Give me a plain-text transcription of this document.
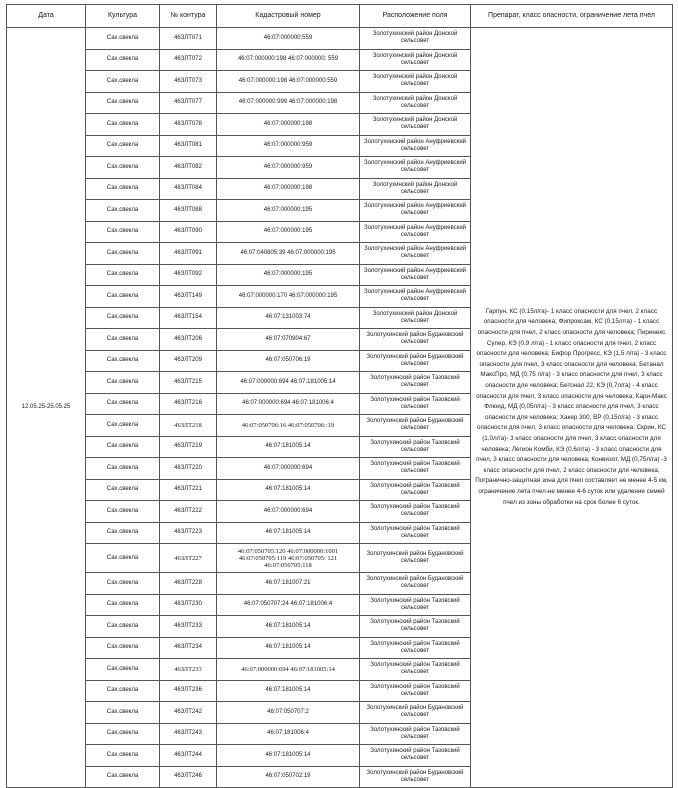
Дата	Культура	№ контура	Кадастровый номер	Расположение поля	Препарат, класс опасности, ограничение лета пчел
12.05.25-25.05.25	Сах.свекла	46ЗЛТ071	46:07:000000:559	Золотухинский район Донской сельсовет	Гарпун, КС (0,15л/га)- 1 класс опасности для пчел, 2 класс опасности для человека; Фипроксам, КС (0,15л/га) - 1 класс опасности для пчел, 2 класс опасности для человека; Пиринекс Супер, КЭ (0,9 л/га) - 1 класс опасности для пчел, 2 класс опасности для человека; Бифор Прогресс, КЭ (1,5 л/га) - 3 класс опасности для пчел, 3 класс опасности для человека; Бетанал МаксПро, МД (0,75 л/га) - 3 класс опасности для пчел, 3 класс опасности для человека; Бетонал 22, КЭ (0,7л/га) - 4 класс опасности для пчел, 3 класс опасности для человека; Кари-Макс Флюид, МД (0,05л/га) - 3 класс опасности для пчел, 3 класс опасности для человека; Хакер 300, ВР (0,15л/га) - 3 класс опасности для пчел, 3 класс опасности для человека; Скрин, КС (1,0л/га)- 3 класс опасности для пчел, 3 класс опасности для человека; Легион Комби, КЭ (0,6л/га) - 3 класс опасности для пчел, 3 класс опасности для человека; Конвизот, МД (0,75л/га) -3 класс опасности для пчел, 2 класс опасности для человека; Погранично-защитная зона для пчел составляет не менее 4-5 км, ограничение лета пчел-не менее 4-6 суток или удаление семей пчел из зоны обработки на срок более 6 суток.
	Сах.свекла	46ЗЛТ072	46:07:000000:198 46:07:000000: 559	Золотухинский район Донской сельсовет	
	Сах.свекла	46ЗЛТ073	46:07:000000:198 46:07:000000:559	Золотухинский район Донской сельсовет	
	Сах.свекла	46ЗЛТ077	46:07:000000:999 46:07:000000:198	Золотухинский район Донской сельсовет	
	Сах.свекла	46ЗЛТ078	46:07:000000:198	Золотухинский район Донской сельсовет	
	Сах.свекла	46ЗЛТ081	46:07:000000:959	Золотухинский район Ануфриевский сельсовет	
	Сах.свекла	46ЗЛТ082	46:07:000000:959	Золотухинский район Ануфриевский сельсовет	
	Сах.свекла	46ЗЛТ084	46:07:000000:198	Золотухинский район Донской сельсовет	
	Сах.свекла	46ЗЛТ088	46:07:000000:195	Золотухинский район Ануфриевский сельсовет	
	Сах.свекла	46ЗЛТ090	46:07:000000:195	Золотухинский район Ануфриевский сельсовет	
	Сах.свекла	46ЗЛТ091	46:07:040805:39 46:07:000000:195	Золотухинский район Ануфриевский сельсовет	
	Сах.свекла	46ЗЛТ092	46:07:000000:195	Золотухинский район Ануфриевский сельсовет	
	Сах.свекла	46ЗЛТ149	46:07:000000:170 46:07:000000:195	Золотухинский район Ануфриевский сельсовет	
	Сах.свекла	46ЗЛТ154	46:07:131003:74	Золотухинский район Донской сельсовет	
	Сах.свекла	46ЗЛТ206	46:07:070904:67	Золотухинский район Будановский сельсовет	
	Сах.свекла	46ЗЛТ209	46:07:050706:19	Золотухинский район Будановский сельсовет	
	Сах.свекла	46ЗЛТ215	46:07:000000:694 46:07:181005:14	Золотухинский район Тазовский сельсовет	
	Сах.свекла	46ЗЛТ216	46:07:000000:694 46:07:181006:4	Золотухинский район Тазовский сельсовет	
	Сах.свекла	46ЗЛТ218	46:07:050706:16 46:07:050706::19	Золотухинский район Будановский сельсовет	
	Сах.свекла	46ЗЛТ219	46:07:181005:14	Золотухинский район Тазовский сельсовет	
	Сах.свекла	46ЗЛТ220	46:07:000000:694	Золотухинский район Тазовский сельсовет	
	Сах.свекла	46ЗЛТ221	46:07:181005:14	Золотухинский район Тазовский сельсовет	
	Сах.свекла	46ЗЛТ222	46:07:000000:694	Золотухинский район Тазовский сельсовет	
	Сах.свекла	46ЗЛТ223	46:07:181005:14	Золотухинский район Тазовский сельсовет	
	Сах.свекла	46ЗЛТ227	46:07:050705:120 46:07:000000:1001 46:07:050705:119 46:07:050705: 121 46:07:050705:118	Золотухинский район Будановский сельсовет	
	Сах.свекла	46ЗЛТ228	46:07:181007:21	Золотухинский район Будановский сельсовет	
	Сах.свекла	46ЗЛТ230	46:07:050707:24 46:07:181006:4	Золотухинский район Тазовский сельсовет	
	Сах.свекла	46ЗЛТ233	46:07:181005:14	Золотухинский район Тазовский сельсовет	
	Сах.свекла	46ЗЛТ234	46:07:181005:14	Золотухинский район Тазовский сельсовет	
	Сах.свекла	46ЗЛТ233	46:07:000000:694 46:07:181005:14	Золотухинский район Тазовский сельсовет	
	Сах.свекла	46ЗЛТ236	46:07:181005:14	Золотухинский район Тазовский сельсовет	
	Сах.свекла	46ЗЛТ242	46:07:050707:2	Золотухинский район Будановский сельсовет	
	Сах.свекла	46ЗЛТ243	46:07:181006:4	Золотухинский район Тазовский сельсовет	
	Сах.свекла	46ЗЛТ244	46:07:181005:14	Золотухинский район Тазовский сельсовет	
	Сах.свекла	46ЗЛТ246	46:07:050702:19	Золотухинский район Будановский сельсовет	
